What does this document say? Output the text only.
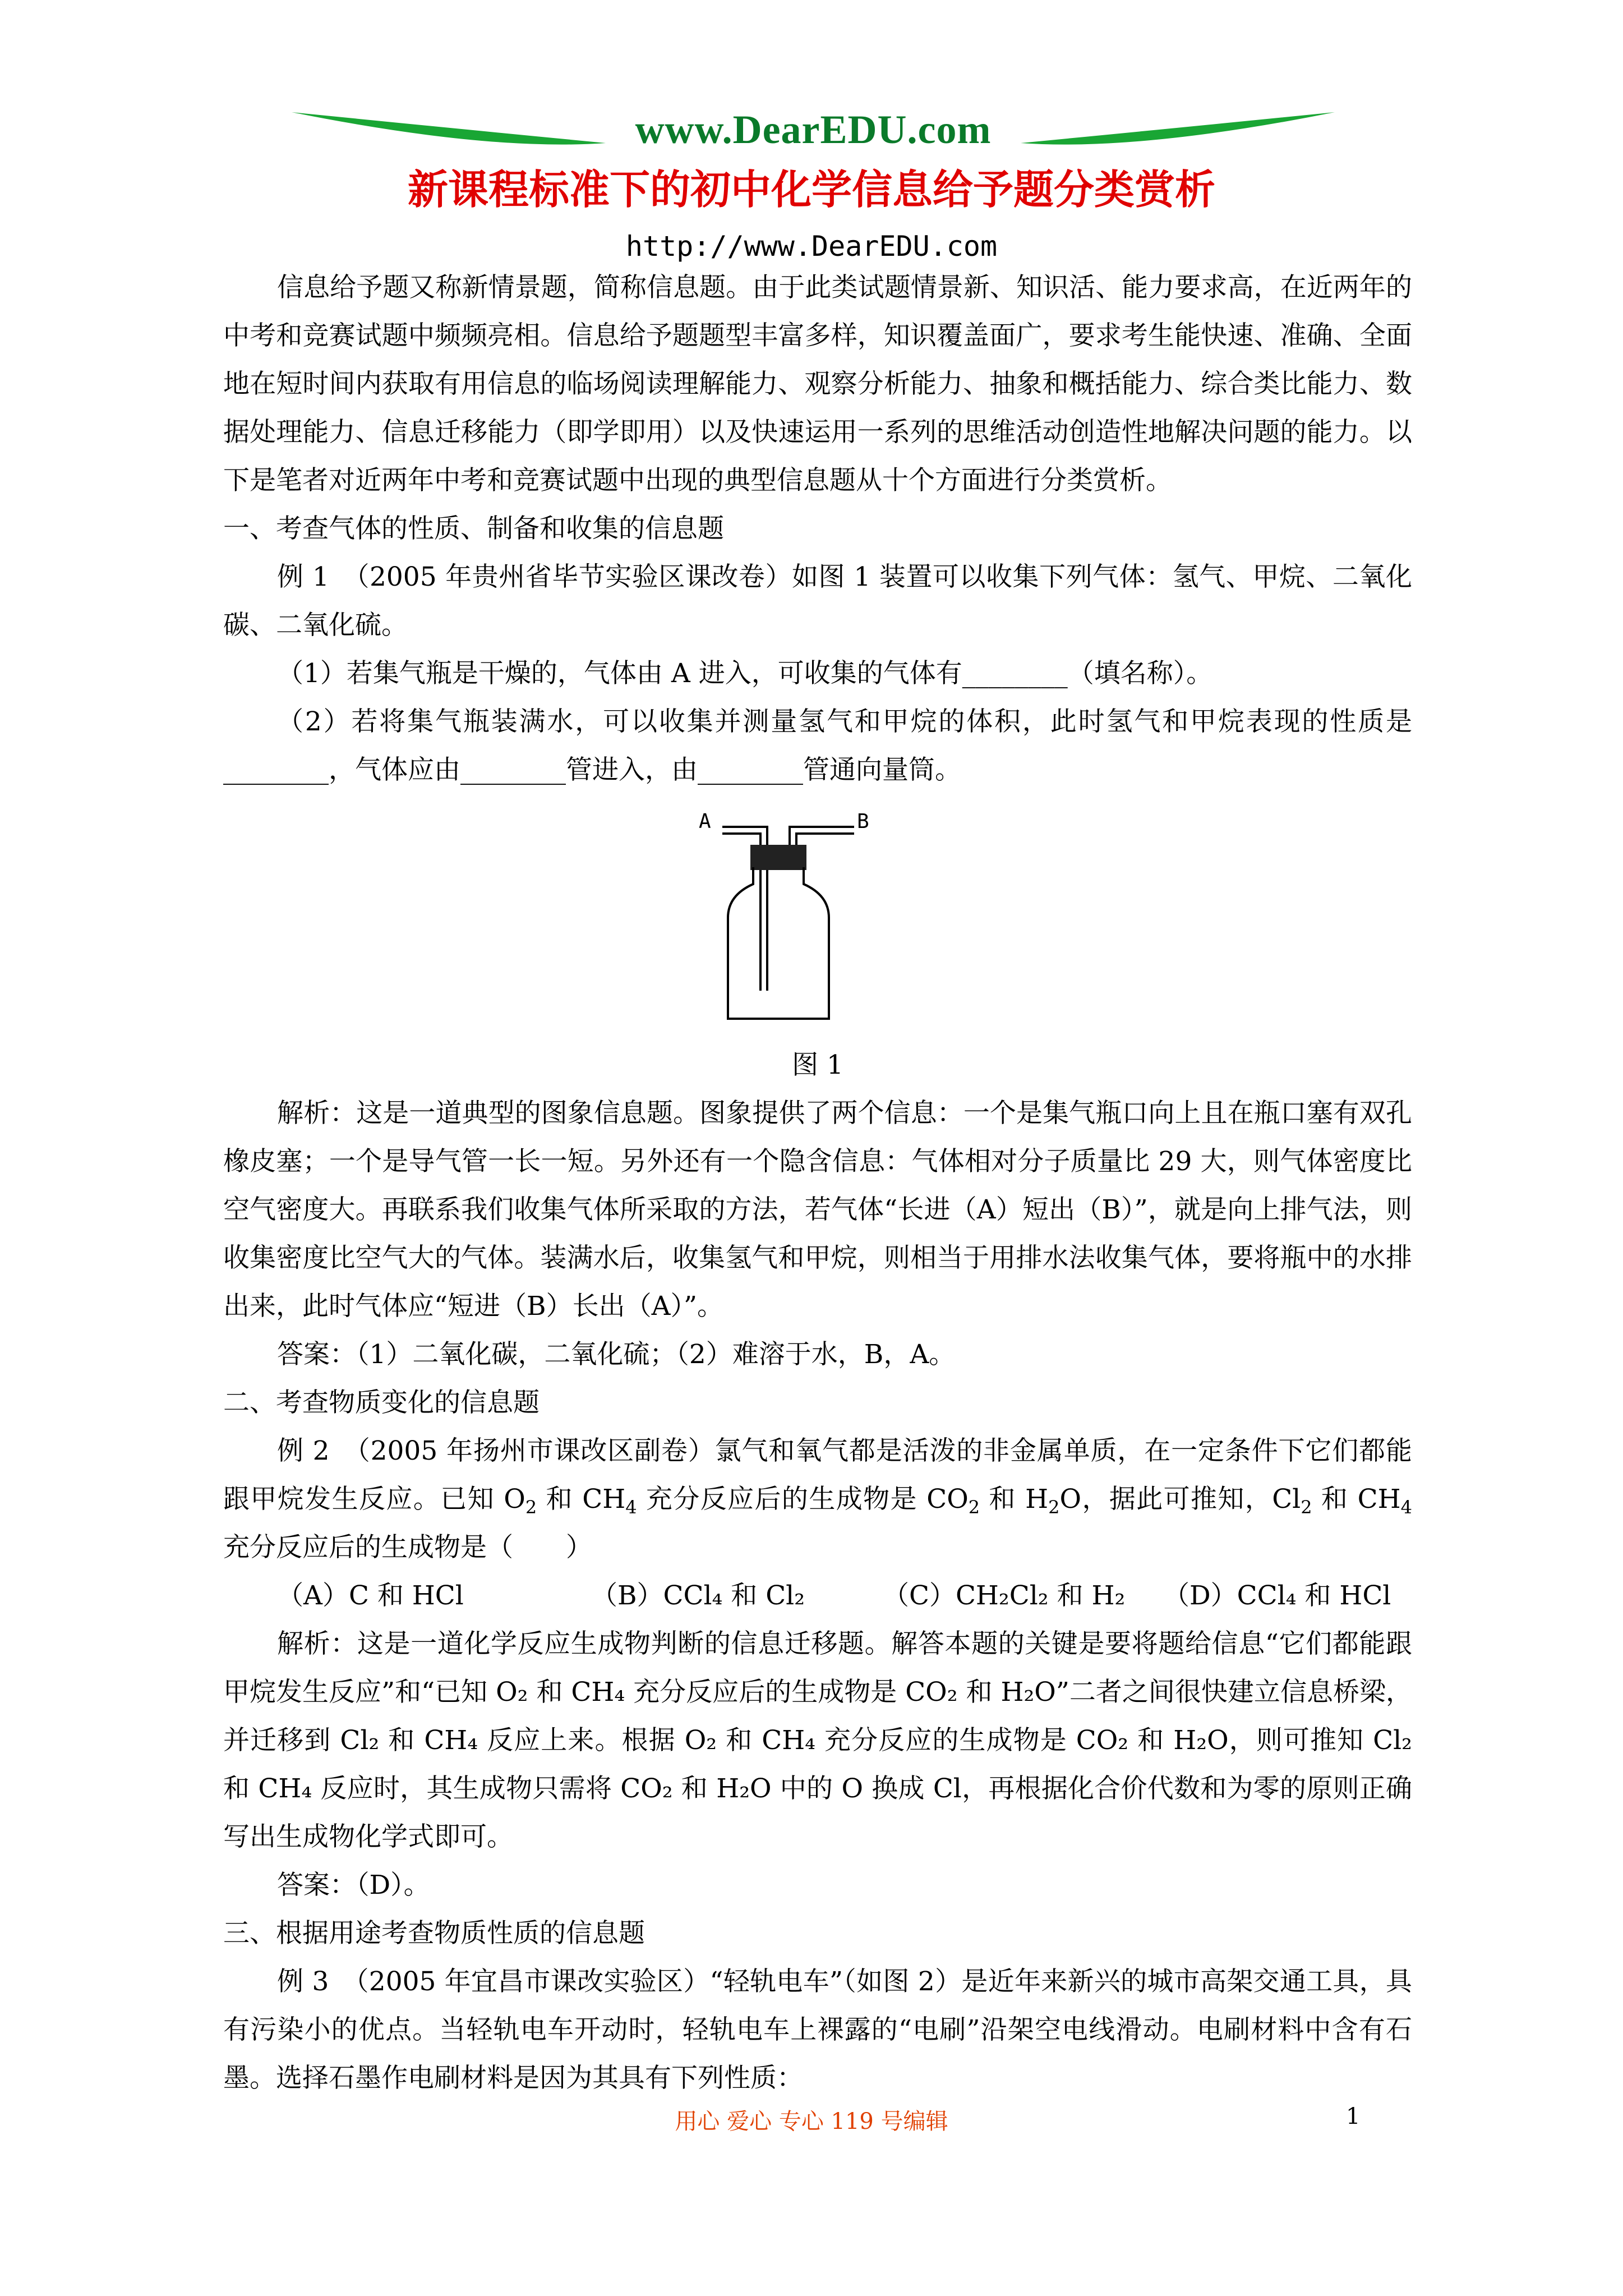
www.DearEDU.com
新课程标准下的初中化学信息给予题分类赏析
http://www.DearEDU.com

信息给予题又称新情景题，简称信息题。由于此类试题情景新、知识活、能力要求高，在近两年的中考和竞赛试题中频频亮相。信息给予题题型丰富多样，知识覆盖面广，要求考生能快速、准确、全面地在短时间内获取有用信息的临场阅读理解能力、观察分析能力、抽象和概括能力、综合类比能力、数据处理能力、信息迁移能力（即学即用）以及快速运用一系列的思维活动创造性地解决问题的能力。以下是笔者对近两年中考和竞赛试题中出现的典型信息题从十个方面进行分类赏析。

一、考查气体的性质、制备和收集的信息题

例 1　（2005 年贵州省毕节实验区课改卷）如图 1 装置可以收集下列气体：氢气、甲烷、二氧化碳、二氧化硫。

（1）若集气瓶是干燥的，气体由 A 进入，可收集的气体有________（填名称）。

（2）若将集气瓶装满水，可以收集并测量氢气和甲烷的体积，此时氢气和甲烷表现的性质是________，气体应由________管进入，由________管通向量筒。

A	B

图 1

解析：这是一道典型的图象信息题。图象提供了两个信息：一个是集气瓶口向上且在瓶口塞有双孔橡皮塞；一个是导气管一长一短。另外还有一个隐含信息：气体相对分子质量比 29 大，则气体密度比空气密度大。再联系我们收集气体所采取的方法，若气体“长进（A）短出（B）”，就是向上排气法，则收集密度比空气大的气体。装满水后，收集氢气和甲烷，则相当于用排水法收集气体，要将瓶中的水排出来，此时气体应“短进（B）长出（A）”。

答案：（1）二氧化碳，二氧化硫；（2）难溶于水，B，A。

二、考查物质变化的信息题

例 2　（2005 年扬州市课改区副卷）氯气和氧气都是活泼的非金属单质，在一定条件下它们都能跟甲烷发生反应。已知 $O_2$ 和 $CH_4$ 充分反应后的生成物是 $CO_2$ 和 $H_2O$，据此可推知，$Cl_2$ 和 $CH_4$ 充分反应后的生成物是（　　）

（A）C 和 HCl	（B）CCl₄ 和 Cl₂	（C）CH₂Cl₂ 和 H₂	（D）CCl₄ 和 HCl

解析：这是一道化学反应生成物判断的信息迁移题。解答本题的关键是要将题给信息“它们都能跟甲烷发生反应”和“已知 O₂ 和 CH₄ 充分反应后的生成物是 CO₂ 和 H₂O”二者之间很快建立信息桥梁，并迁移到 Cl₂ 和 CH₄ 反应上来。根据 O₂ 和 CH₄ 充分反应的生成物是 CO₂ 和 H₂O，则可推知 Cl₂ 和 CH₄ 反应时，其生成物只需将 CO₂ 和 H₂O 中的 O 换成 Cl，再根据化合价代数和为零的原则正确写出生成物化学式即可。

答案：（D）。

三、根据用途考查物质性质的信息题

例 3　（2005 年宜昌市课改实验区）“轻轨电车”（如图 2）是近年来新兴的城市高架交通工具，具有污染小的优点。当轻轨电车开动时，轻轨电车上裸露的“电刷”沿架空电线滑动。电刷材料中含有石墨。选择石墨作电刷材料是因为其具有下列性质：

用心 爱心 专心 119 号编辑	1
